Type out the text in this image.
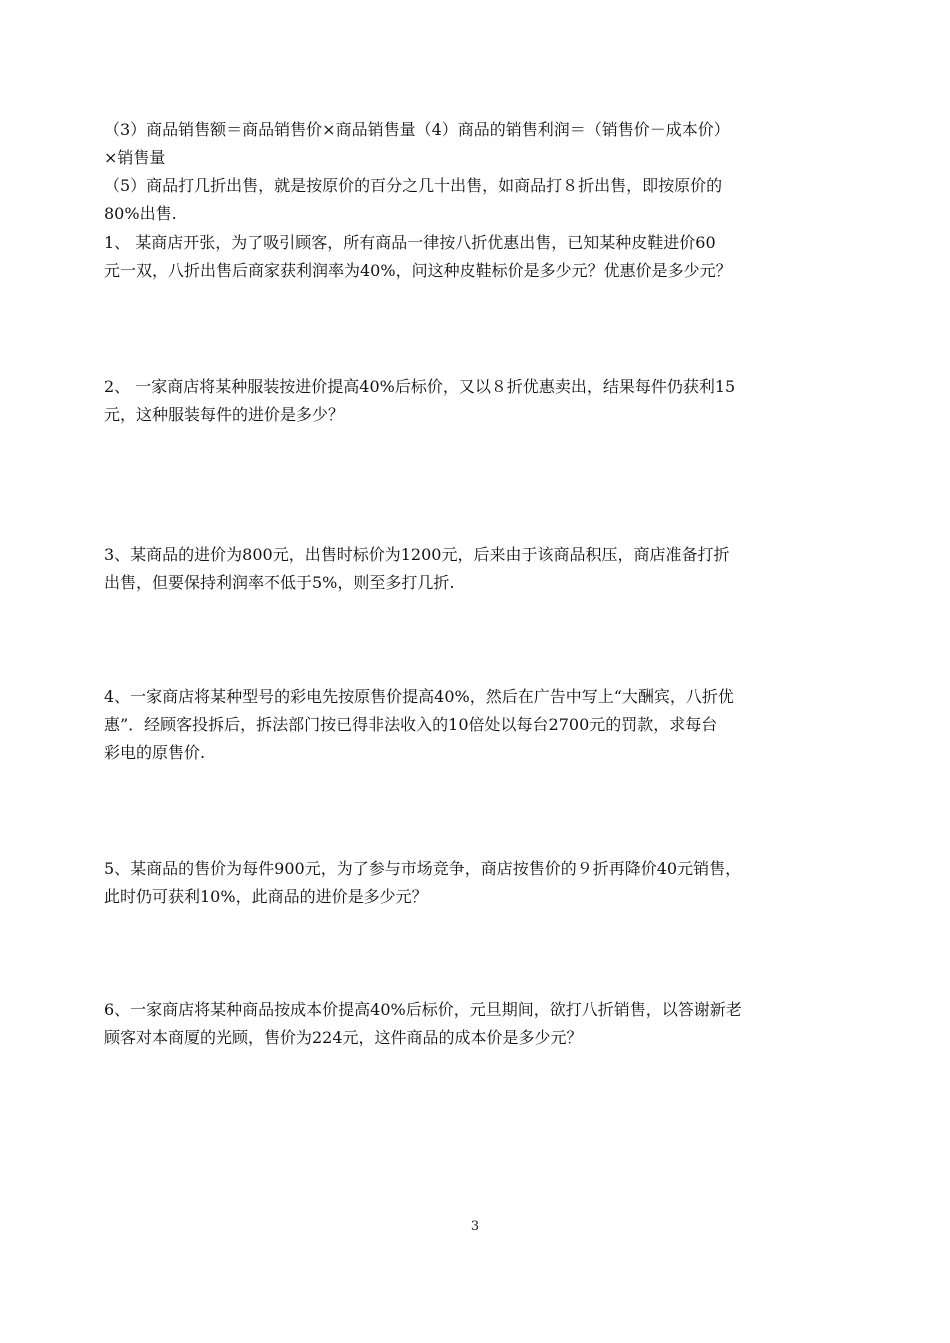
（3）商品销售额＝商品销售价×商品销售量（4）商品的销售利润＝（销售价－成本价）
×销售量
（5）商品打几折出售，就是按原价的百分之几十出售，如商品打８折出售，即按原价的
80%出售.
1、 某商店开张，为了吸引顾客，所有商品一律按八折优惠出售，已知某种皮鞋进价60
元一双，八折出售后商家获利润率为40%，问这种皮鞋标价是多少元？优惠价是多少元？
2、 一家商店将某种服装按进价提高40%后标价，又以８折优惠卖出，结果每件仍获利15
元，这种服装每件的进价是多少？
3、某商品的进价为800元，出售时标价为1200元，后来由于该商品积压，商店准备打折
出售，但要保持利润率不低于5%，则至多打几折.
4、一家商店将某种型号的彩电先按原售价提高40%，然后在广告中写上“大酬宾，八折优
惠”．经顾客投拆后，拆法部门按已得非法收入的10倍处以每台2700元的罚款，求每台
彩电的原售价.
5、某商品的售价为每件900元，为了参与市场竞争，商店按售价的９折再降价40元销售，
此时仍可获利10%，此商品的进价是多少元？
6、一家商店将某种商品按成本价提高40%后标价，元旦期间，欲打八折销售，以答谢新老
顾客对本商厦的光顾，售价为224元，这件商品的成本价是多少元？
3
